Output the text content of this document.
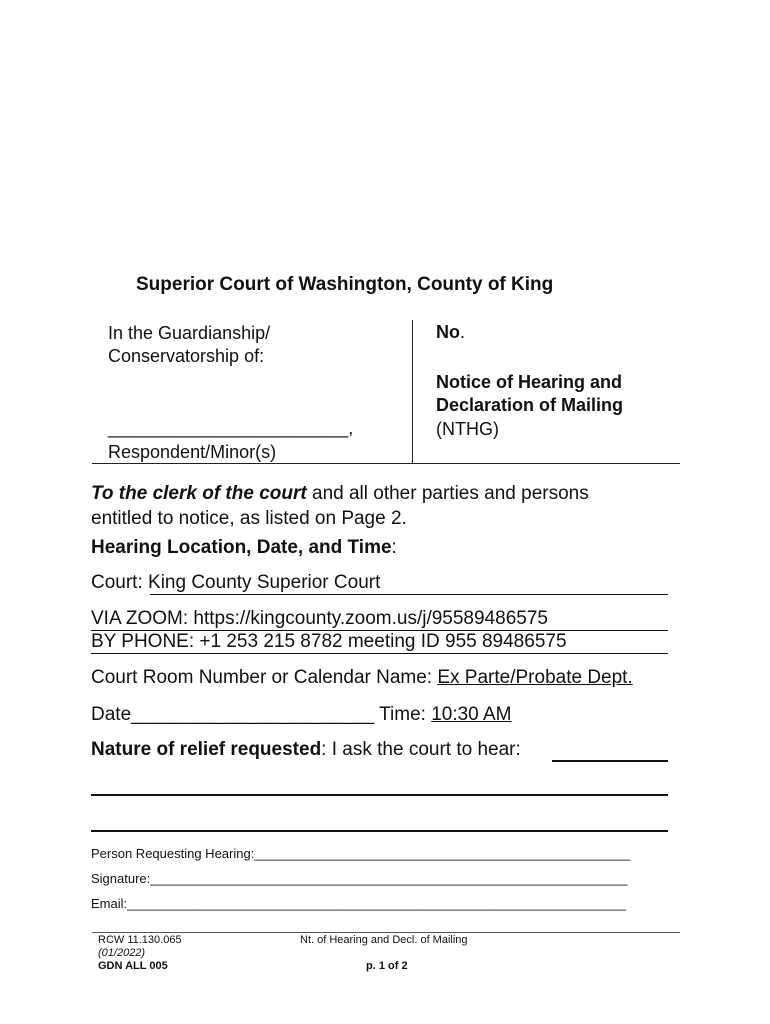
Superior Court of Washington, County of King
In the Guardianship/
Conservatorship of:
________________________,
Respondent/Minor(s)
No.
Notice of Hearing and
Declaration of Mailing
(NTHG)
To the clerk of the court and all other parties and persons entitled to notice, as listed on Page 2.
Hearing Location, Date, and Time:
Court: King County Superior Court
VIA ZOOM: https://kingcounty.zoom.us/j/95589486575
BY PHONE: +1 253 215 8782 meeting ID 955 89486575
Court Room Number or Calendar Name: Ex Parte/Probate Dept.
Date_______________________ Time: 10:30 AM
Nature of relief requested: I ask the court to hear:
Person Requesting Hearing:____________________________________________________
Signature:__________________________________________________________________
Email:_____________________________________________________________________
RCW 11.130.065
(01/2022)
GDN ALL 005
Nt. of Hearing and Decl. of Mailing
p. 1 of 2
